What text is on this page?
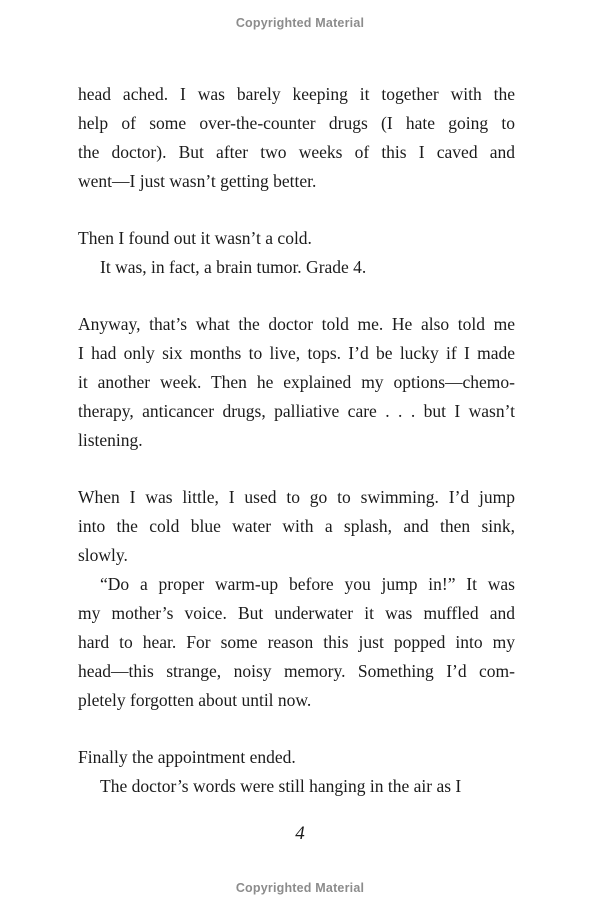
Copyrighted Material
head ached. I was barely keeping it together with the
help of some over-the-counter drugs (I hate going to
the doctor). But after two weeks of this I caved and
went—I just wasn’t getting better.
Then I found out it wasn’t a cold.
It was, in fact, a brain tumor. Grade 4.
Anyway, that’s what the doctor told me. He also told me
I had only six months to live, tops. I’d be lucky if I made
it another week. Then he explained my options—chemo-
therapy, anticancer drugs, palliative care . . . but I wasn’t
listening.
When I was little, I used to go to swimming. I’d jump
into the cold blue water with a splash, and then sink,
slowly.
“Do a proper warm-up before you jump in!” It was
my mother’s voice. But underwater it was muffled and
hard to hear. For some reason this just popped into my
head—this strange, noisy memory. Something I’d com-
pletely forgotten about until now.
Finally the appointment ended.
The doctor’s words were still hanging in the air as I
4
Copyrighted Material
